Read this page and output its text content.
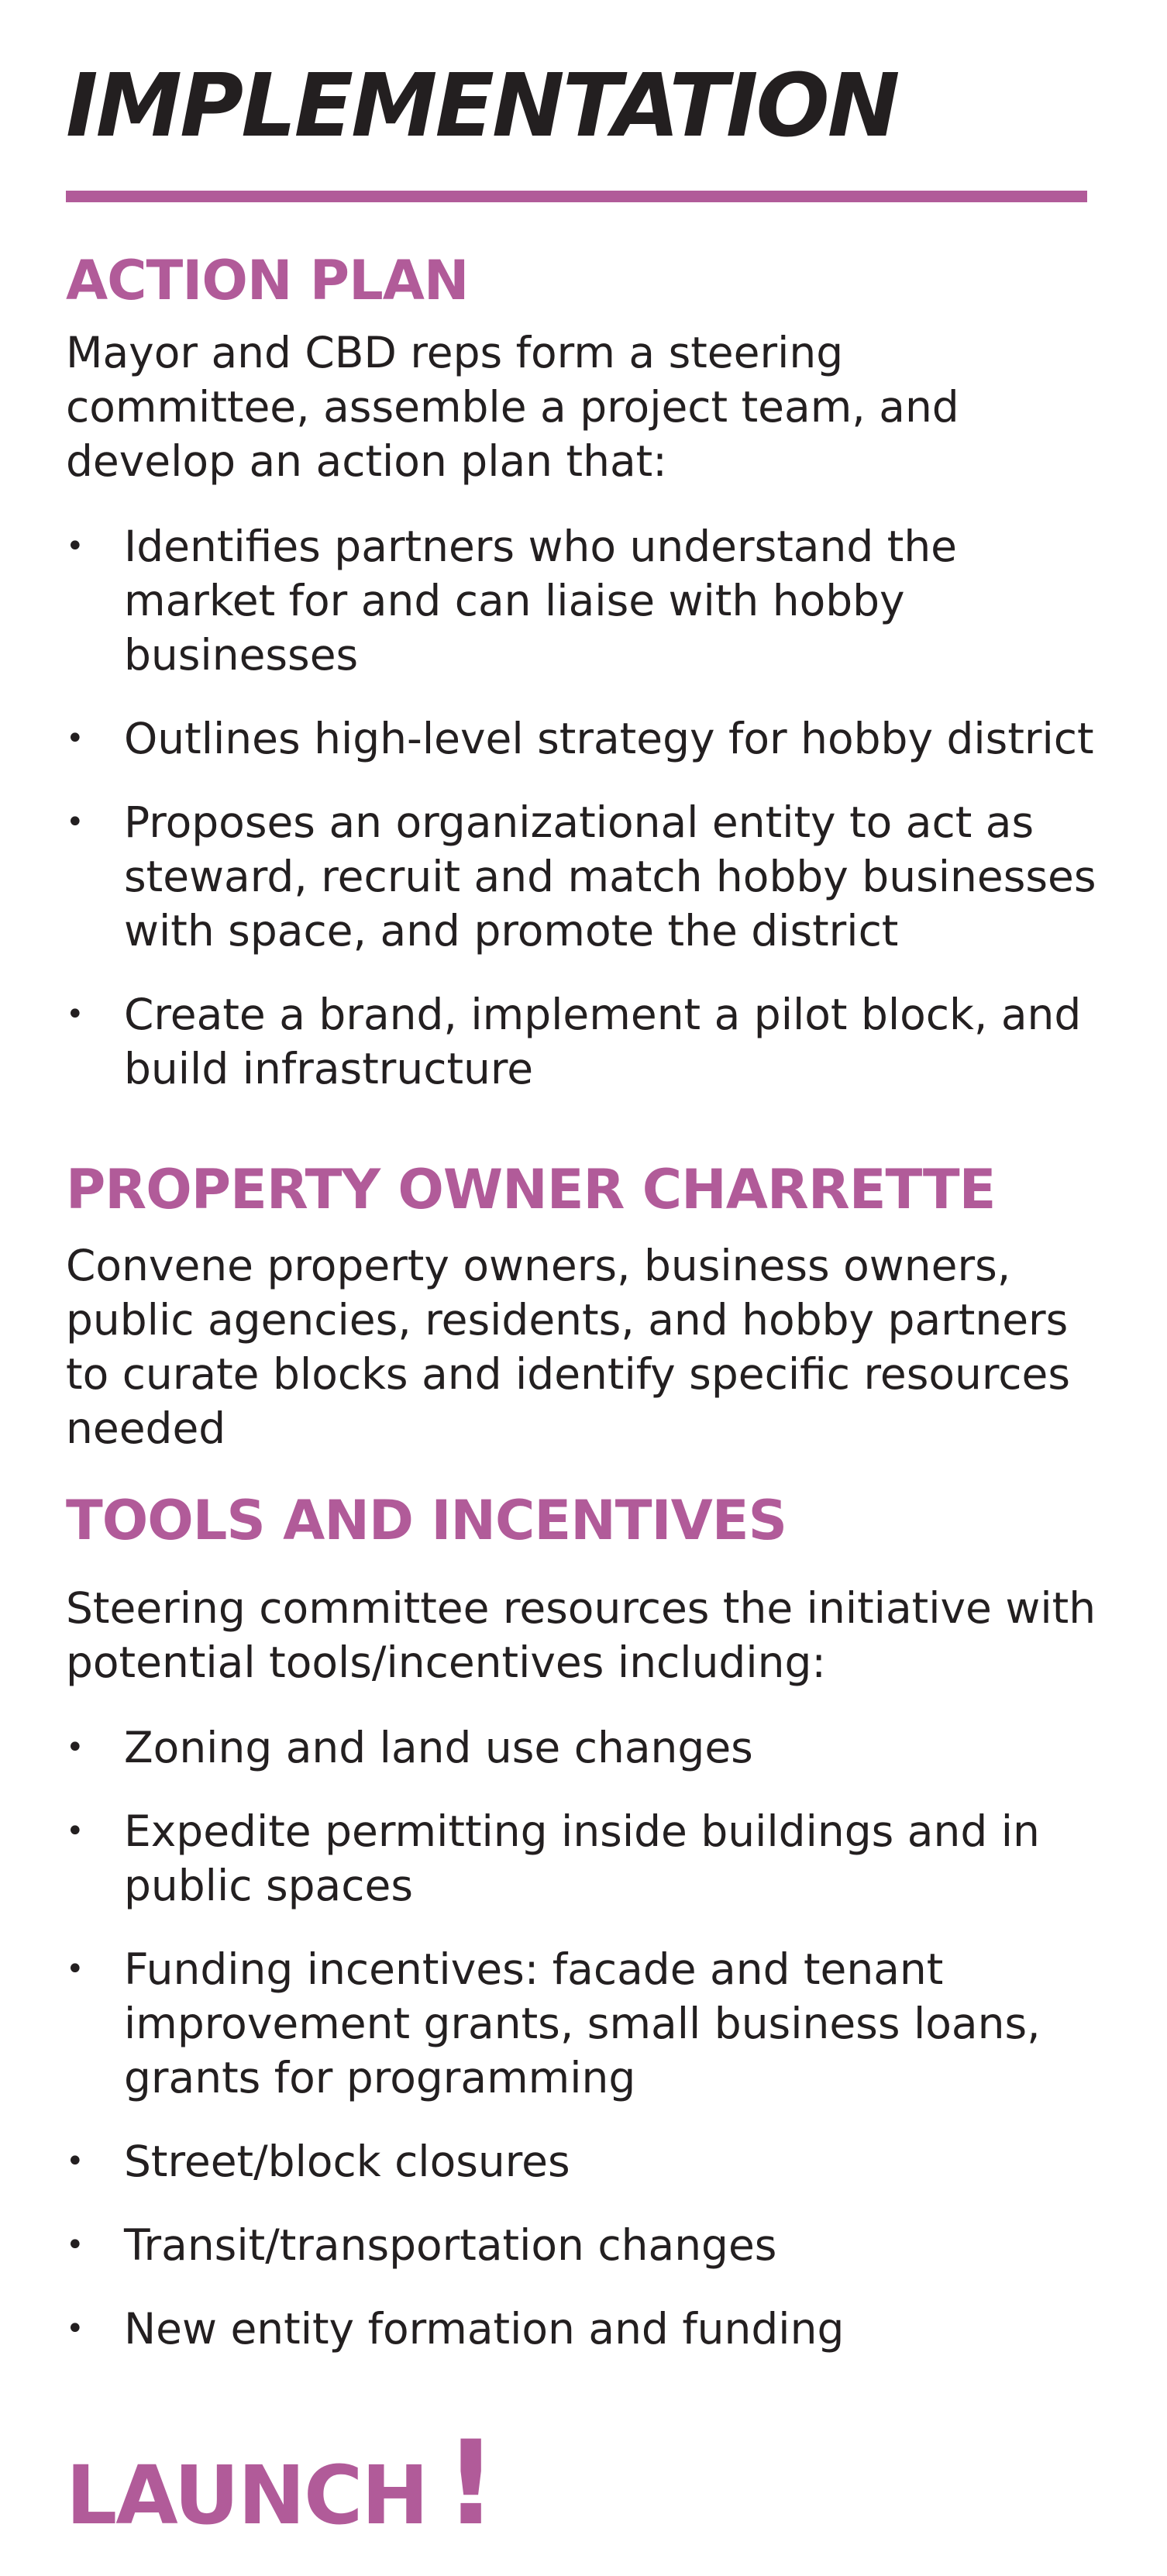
IMPLEMENTATION
ACTION PLAN

Mayor and CBD reps form a steering committee, assemble a project team, and develop an action plan that:

• Identifies partners who understand the market for and can liaise with hobby businesses
• Outlines high-level strategy for hobby district
• Proposes an organizational entity to act as steward, recruit and match hobby businesses with space, and promote the district
• Create a brand, implement a pilot block, and build infrastructure
PROPERTY OWNER CHARRETTE

Convene property owners, business owners, public agencies, residents, and hobby partners to curate blocks and identify specific resources needed

TOOLS AND INCENTIVES

Steering committee resources the initiative with potential tools/incentives including:

• Zoning and land use changes
• Expedite permitting inside buildings and in public spaces
• Funding incentives: facade and tenant improvement grants, small business loans, grants for programming
• Street/block closures
• Transit/transportation changes
• New entity formation and funding
LAUNCH !
